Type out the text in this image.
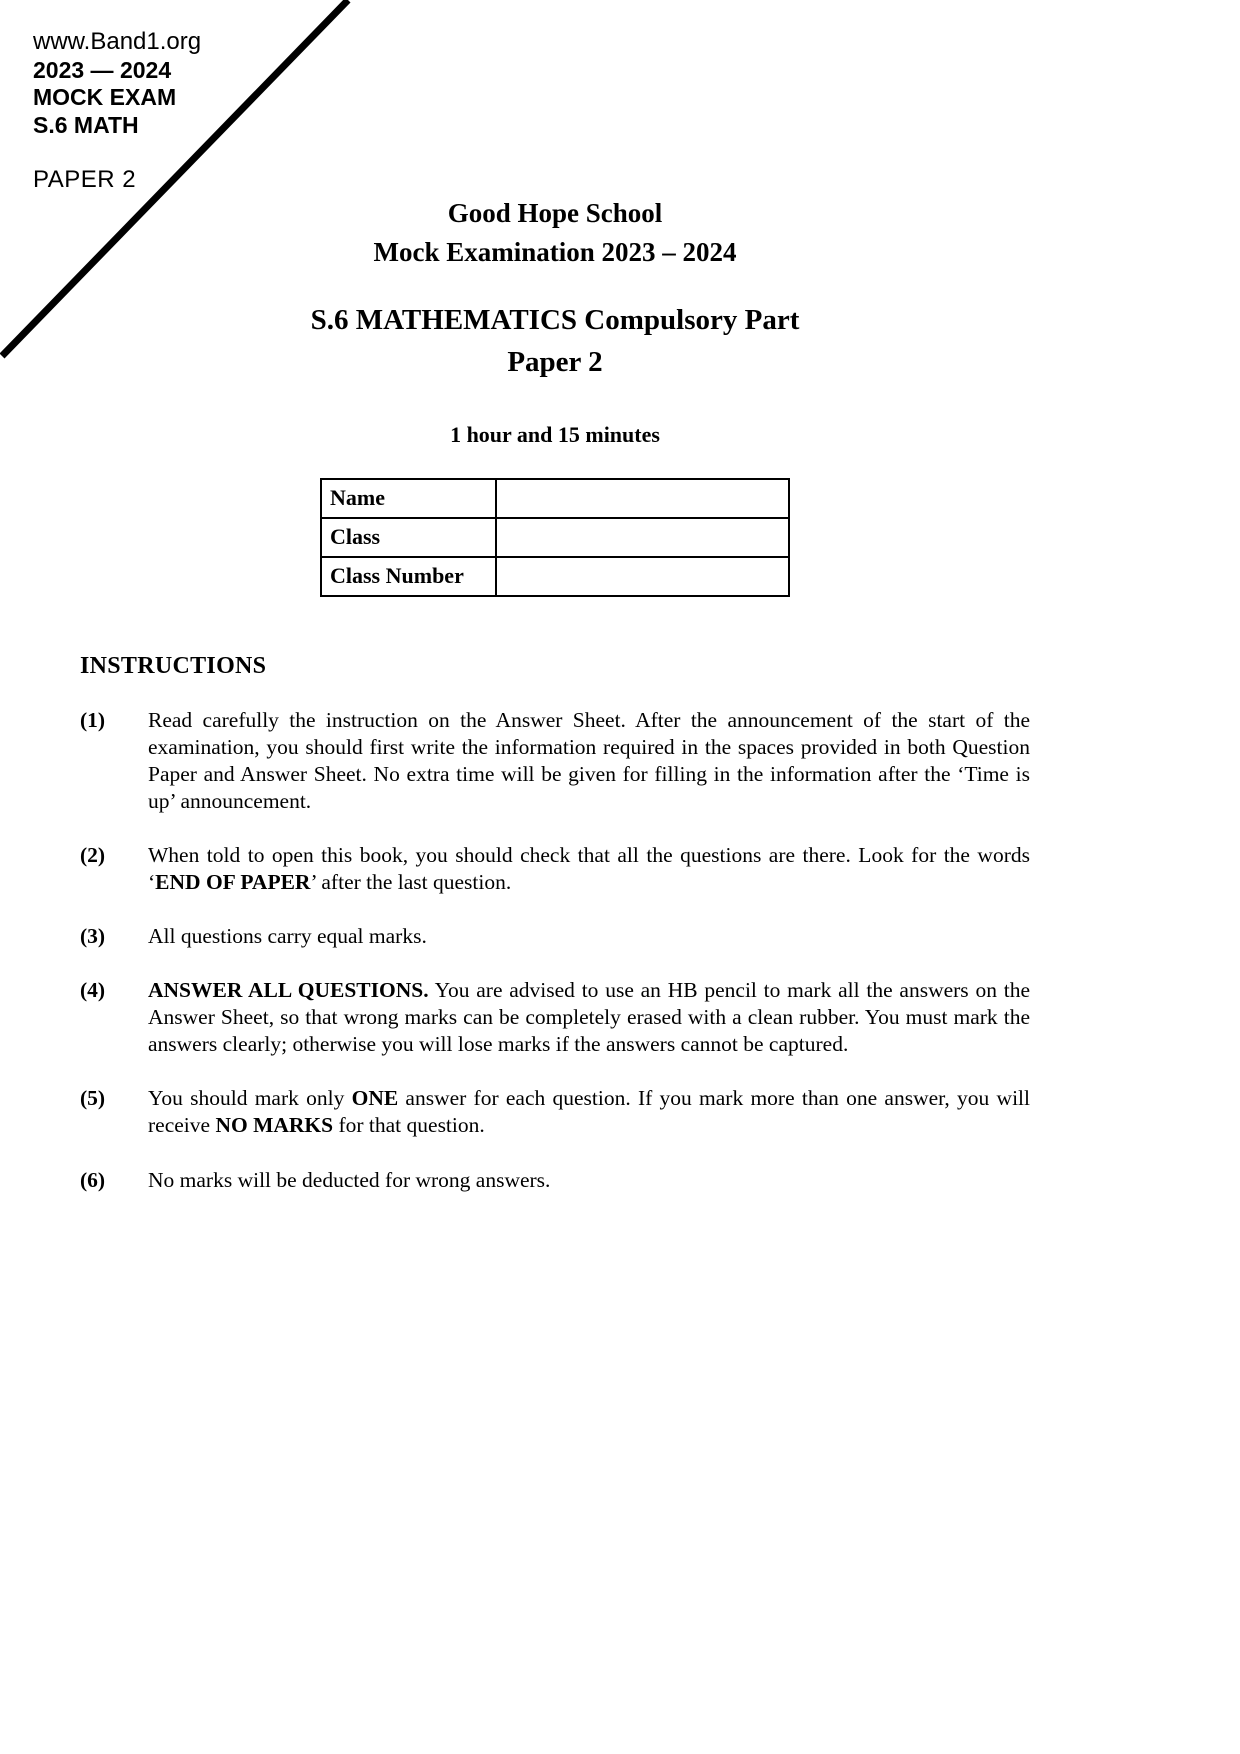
www.Band1.org
2023 — 2024
MOCK EXAM
S.6 MATH
PAPER 2
Good Hope School
Mock Examination 2023 – 2024
S.6 MATHEMATICS Compulsory Part
Paper 2
1 hour and 15 minutes
Name	
Class	
Class Number	
INSTRUCTIONS
(1)	Read carefully the instruction on the Answer Sheet. After the announcement of the start of the examination, you should first write the information required in the spaces provided in both Question Paper and Answer Sheet. No extra time will be given for filling in the information after the ‘Time is up’ announcement.
(2)	When told to open this book, you should check that all the questions are there. Look for the words ‘END OF PAPER’ after the last question.
(3)	All questions carry equal marks.
(4)	ANSWER ALL QUESTIONS. You are advised to use an HB pencil to mark all the answers on the Answer Sheet, so that wrong marks can be completely erased with a clean rubber. You must mark the answers clearly; otherwise you will lose marks if the answers cannot be captured.
(5)	You should mark only ONE answer for each question. If you mark more than one answer, you will receive NO MARKS for that question.
(6)	No marks will be deducted for wrong answers.
